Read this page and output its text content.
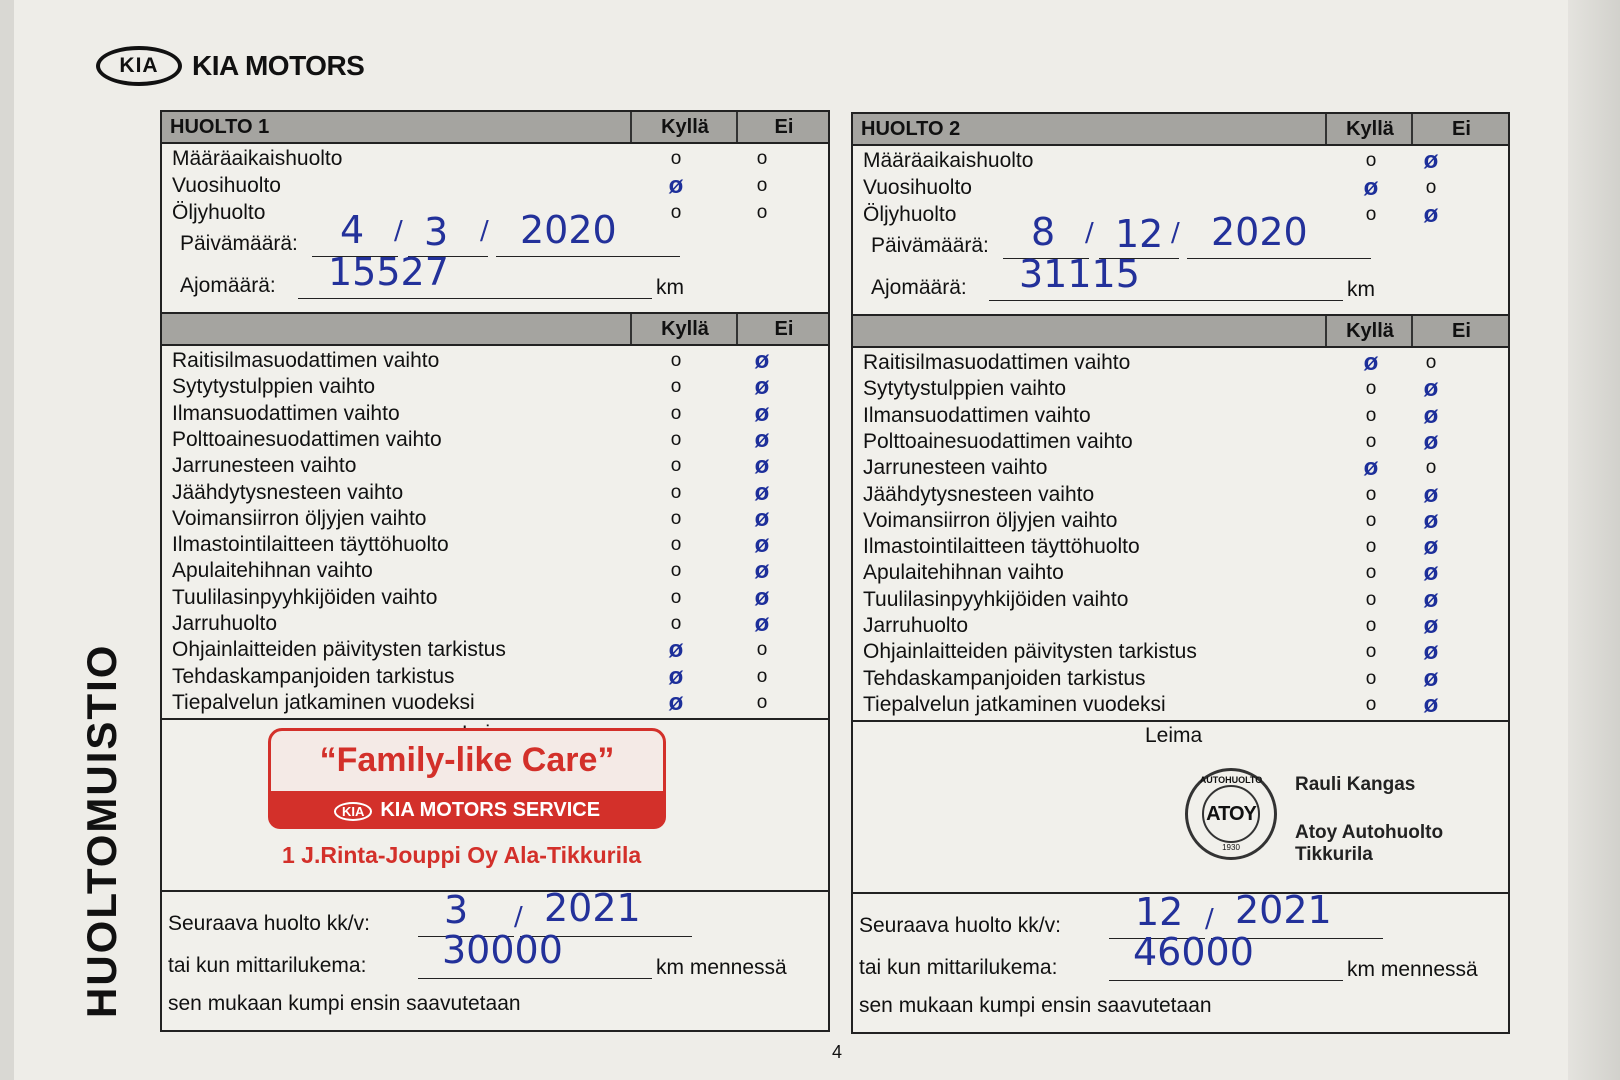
KIA	KIA MOTORS
HUOLTOMUISTIO
4
HUOLTO 1	Kyllä	Ei
Määräaikaishuolto	o	o
Vuosihuolto	ø	o
Öljyhuolto	o	o
Päivämäärä: 4 3 2020
/	/
Ajomäärä: 15527	km
Kyllä	Ei
Raitisilmasuodattimen vaihto	o	ø
Sytytystulppien vaihto	o	ø
Ilmansuodattimen vaihto	o	ø
Polttoainesuodattimen vaihto	o	ø
Jarrunesteen vaihto	o	ø
Jäähdytysnesteen vaihto	o	ø
Voimansiirron öljyjen vaihto	o	ø
Ilmastointilaitteen täyttöhuolto	o	ø
Apulaitehihnan vaihto	o	ø
Tuulilasinpyyhkijöiden vaihto	o	ø
Jarruhuolto	o	ø
Ohjainlaitteiden päivitysten tarkistus	ø	o
Tehdaskampanjoiden tarkistus	ø	o
Tiepalvelun jatkaminen vuodeksi	ø	o
“Family-like Care”
KIA KIA MOTORS SERVICE
1 J.Rinta-Jouppi Oy Ala-Tikkurila
Seuraava huolto kk/v: 3 / 2021
tai kun mittarilukema: 30000	km mennessä
sen mukaan kumpi ensin saavutetaan
HUOLTO 2	Kyllä	Ei
Määräaikaishuolto	o ø
Vuosihuolto	ø o
Öljyhuolto	o ø
Päivämäärä: 8 12 2020
/	/
Ajomäärä: 31115	km
Kyllä	Ei
Raitisilmasuodattimen vaihto	ø o
Sytytystulppien vaihto	o ø
Ilmansuodattimen vaihto	o ø
Polttoainesuodattimen vaihto	o ø
Jarrunesteen vaihto	ø o
Jäähdytysnesteen vaihto	o ø
Voimansiirron öljyjen vaihto	o ø
Ilmastointilaitteen täyttöhuolto	o ø
Apulaitehihnan vaihto	o ø
Tuulilasinpyyhkijöiden vaihto	o ø
Jarruhuolto	o ø
Ohjainlaitteiden päivitysten tarkistus	o ø
Tehdaskampanjoiden tarkistus	o ø
Tiepalvelun jatkaminen vuodeksi	o ø
Leima
AUTOHUOLTO
ATOY
1930
Rauli Kangas
Atoy Autohuolto
Tikkurila
Seuraava huolto kk/v: 12 / 2021
tai kun mittarilukema: 46000	km mennessä
sen mukaan kumpi ensin saavutetaan
